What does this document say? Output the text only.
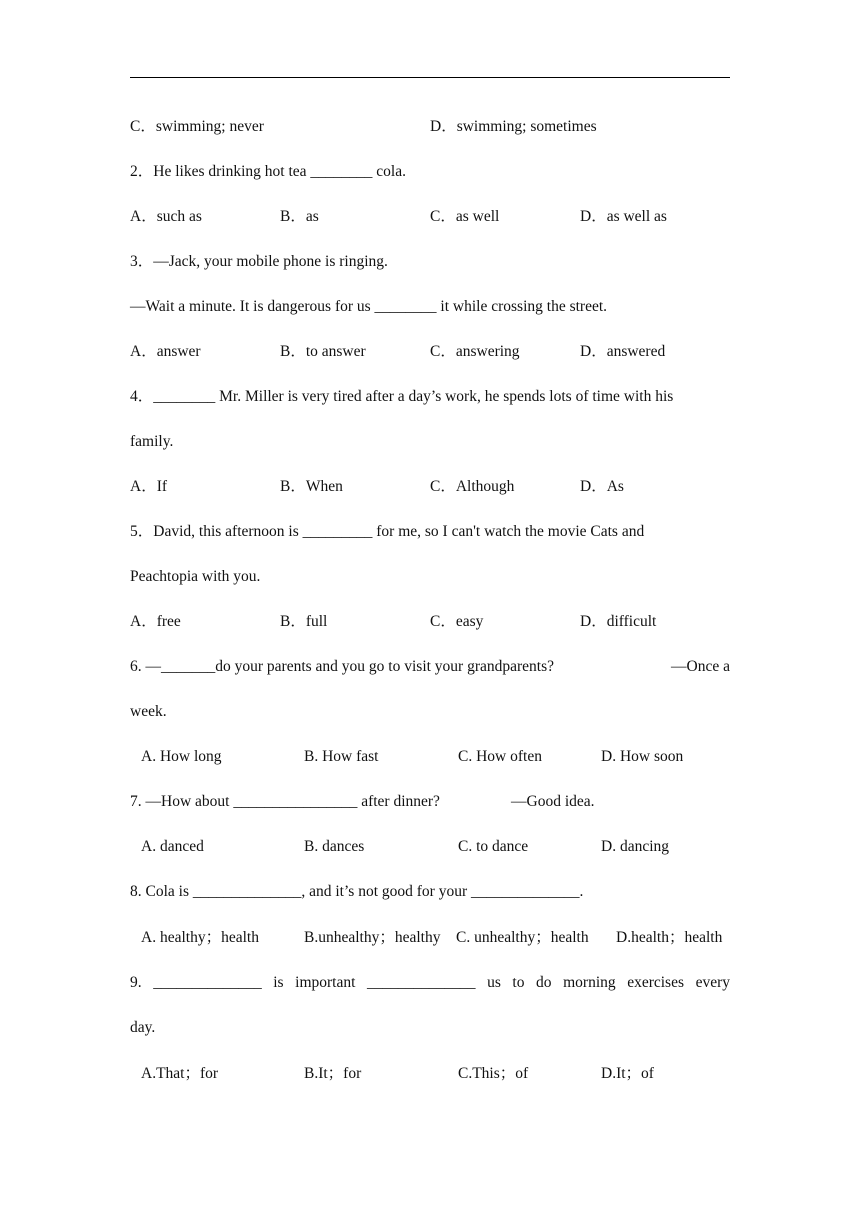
C．swimming; never	D．swimming; sometimes
2．He likes drinking hot tea ________ cola.
A．such as	B．as	C．as well	D．as well as
3．—Jack, your mobile phone is ringing.
—Wait a minute. It is dangerous for us ________ it while crossing the street.
A．answer	B．to answer	C．answering	D．answered
4．________ Mr. Miller is very tired after a day’s work, he spends lots of time with his
family.
A．If	B．When	C．Although	D．As
5．David, this afternoon is _________ for me, so I can't watch the movie Cats and
Peachtopia with you.
A．free	B．full	C．easy	D．difficult
6. —_______do your parents and you go to visit your grandparents?	—Once a
week.
A. How long	B. How fast	C. How often	D. How soon
7. —How about ________________ after dinner?	—Good idea.
A. danced	B. dances	C. to dance	D. dancing
8. Cola is ______________, and it’s not good for your ______________.
A. healthy；health	B.unhealthy；healthy C. unhealthy；health D.health；health
9. ______________ is important ______________ us to do morning exercises every
day.
A.That；for	B.It；for	C.This；of	D.It；of
